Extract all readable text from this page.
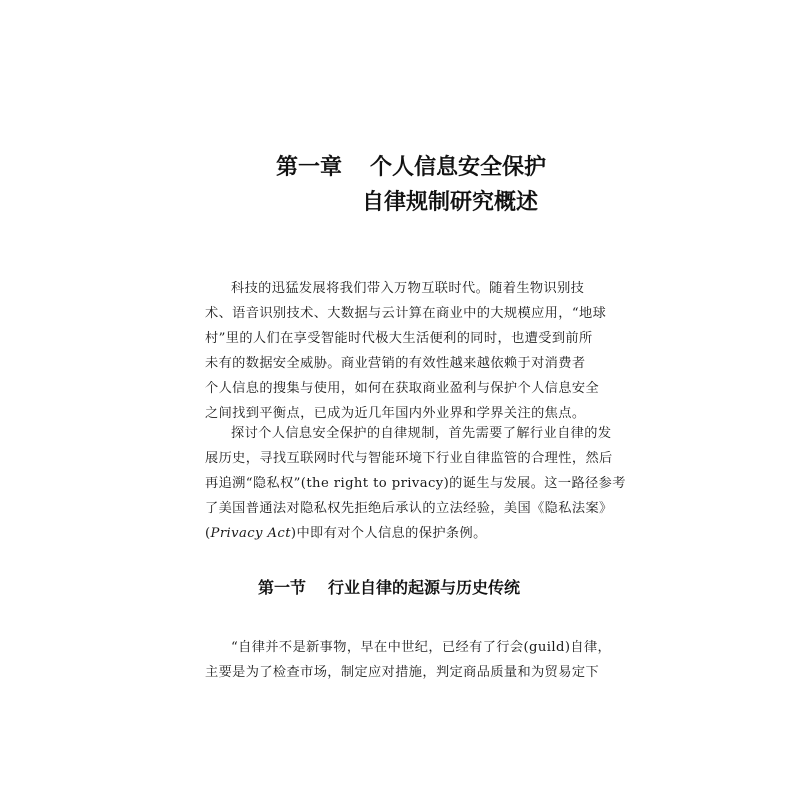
第一章 个人信息安全保护
自律规制研究概述
科技的迅猛发展将我们带入万物互联时代。随着生物识别技
术、语音识别技术、大数据与云计算在商业中的大规模应用，“地球
村”里的人们在享受智能时代极大生活便利的同时，也遭受到前所
未有的数据安全威胁。商业营销的有效性越来越依赖于对消费者
个人信息的搜集与使用，如何在获取商业盈利与保护个人信息安全
之间找到平衡点，已成为近几年国内外业界和学界关注的焦点。
探讨个人信息安全保护的自律规制，首先需要了解行业自律的发
展历史，寻找互联网时代与智能环境下行业自律监管的合理性，然后
再追溯“隐私权”(the right to privacy)的诞生与发展。这一路径参考
了美国普通法对隐私权先拒绝后承认的立法经验，美国《隐私法案》
(Privacy Act)中即有对个人信息的保护条例。
第一节 行业自律的起源与历史传统
“自律并不是新事物，早在中世纪，已经有了行会(guild)自律，
主要是为了检查市场，制定应对措施，判定商品质量和为贸易定下
